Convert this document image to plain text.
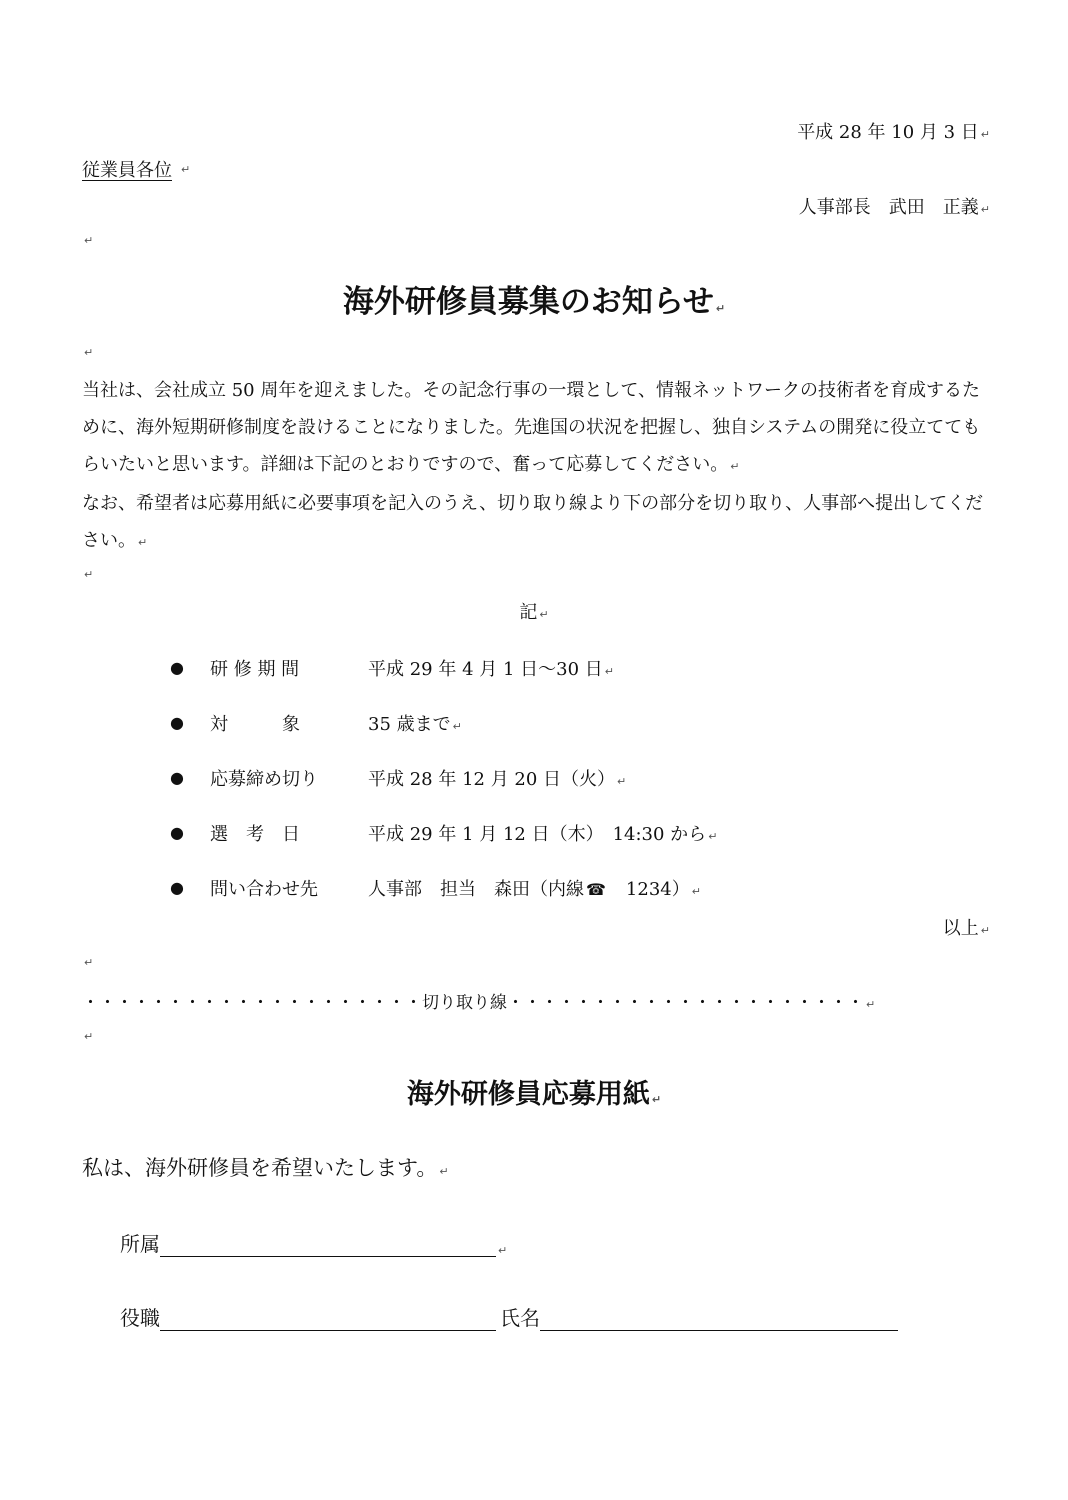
平成 28 年 10 月 3 日 ↵
従業員各位 ↵
人事部長　武田　正義 ↵
↵
海外研修員募集のお知らせ ↵
↵

当社は、会社成立 50 周年を迎えました。その記念行事の一環として、情報ネットワークの技術者を育成するために、海外短期研修制度を設けることになりました。先進国の状況を把握し、独自システムの開発に役立ててもらいたいと思います。詳細は下記のとおりですので、奮って応募してください。 ↵

なお、希望者は応募用紙に必要事項を記入のうえ、切り取り線より下の部分を切り取り、人事部へ提出してください。 ↵

↵
記 ↵
●	研 修 期 間	平成 29 年 4 月 1 日～30 日 ↵
●	対　　　象	35 歳まで ↵
●	応募締め切り	平成 28 年 12 月 20 日（火） ↵
●	選　考　日	平成 29 年 1 月 12 日（木）　14:30 から ↵
●	問い合わせ先	人事部　担当　森田（内線 ☎　1234） ↵
以上 ↵
↵
・・・・・・・・・・・・・・・・・・・・切り取り線・・・・・・・・・・・・・・・・・・・・・ ↵
↵
海外研修員応募用紙 ↵
私は、海外研修員を希望いたします。 ↵
所属	↵
役職	氏名
